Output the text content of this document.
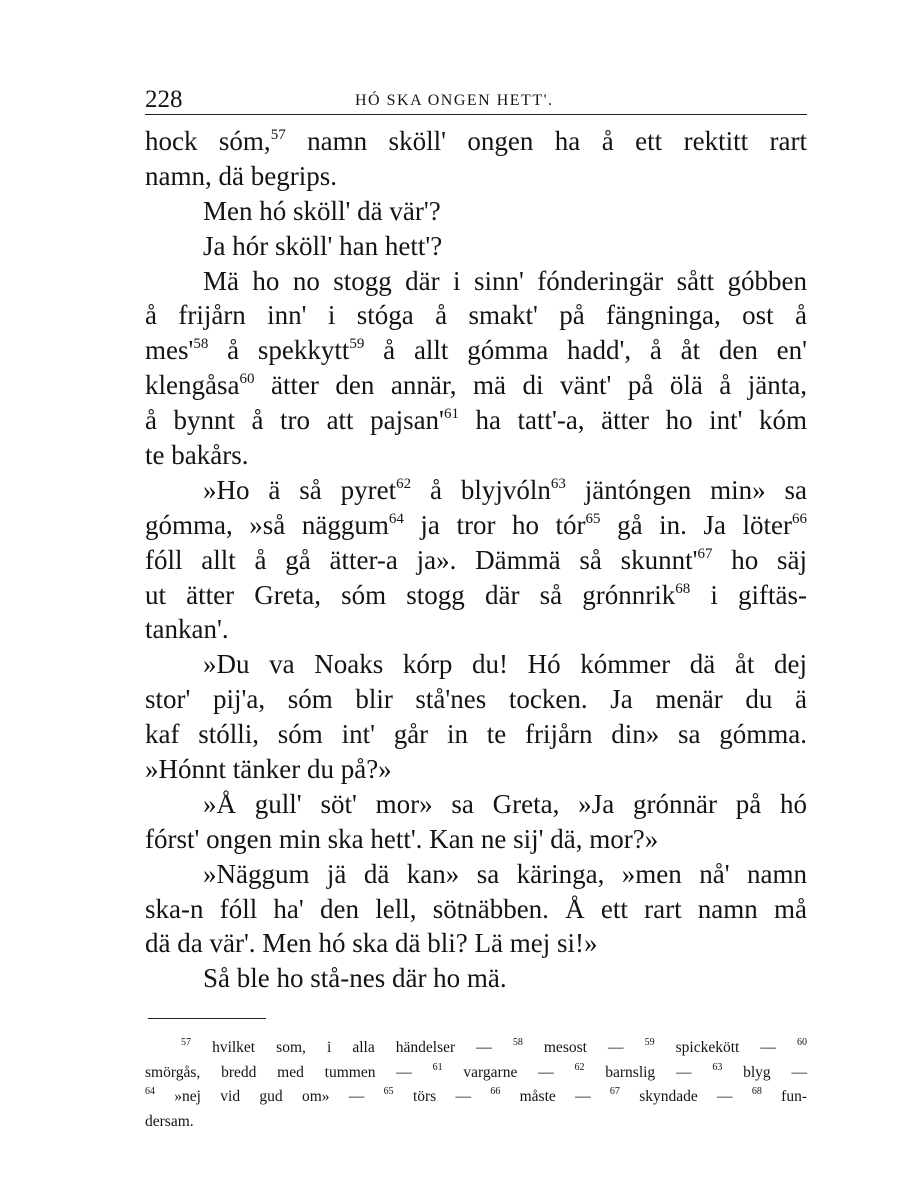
228	HÓ SKA ONGEN HETT'.
hock sóm,$^{57}$ namn sköll' ongen ha å ett rektitt rart
namn, dä begrips.
Men hó sköll' dä vär'?
Ja hór sköll' han hett'?
Mä ho no stogg där i sinn' fónderingär sått góbben
å frijårn inn' i stóga å smakt' på fängninga, ost å
$mes'^{58}$ å spekkytt$^{59}$ å allt gómma hadd', å åt den en'
klengåsa$^{60}$ ätter den annär, mä di vänt' på ölä å jänta,
å bynnt å tro att $pajsan'^{61}$ ha tatt'-a, ätter ho int' kóm
te bakårs.
»Ho ä så pyret$^{62}$ å blyjvóln$^{63}$ jäntóngen min» sa
gómma, »så näggum$^{64}$ ja tror ho tór$^{65}$ gå in. Ja löter$^{66}$
fóll allt å gå ätter-a ja». Dämmä så $skunnt'^{67}$ ho säj
ut ätter Greta, sóm stogg där så grónnrik$^{68}$ i giftäs-
tankan'.
»Du va Noaks kórp du! Hó kómmer dä åt dej
stor' pij'a, sóm blir stå'nes tocken. Ja menär du ä
kaf stólli, sóm int' går in te frijårn din» sa gómma.
»Hónnt tänker du på?»
»Å gull' söt' mor» sa Greta, »Ja grónnär på hó
fórst' ongen min ska hett'. Kan ne sij' dä, mor?»
»Näggum jä dä kan» sa käringa, »men nå' namn
ska-n fóll ha' den lell, sötnäbben. Å ett rart namn må
dä da vär'. Men hó ska dä bli? Lä mej si!»
Så ble ho stå-nes där ho mä.
$^{57}$ hvilket som, i alla händelser — $^{58}$ mesost — $^{59}$ spickekött — $^{60}$
smörgås, bredd med tummen — $^{61}$ vargarne — $^{62}$ barnslig — $^{63}$ blyg —
$^{64}$ »nej vid gud om» — $^{65}$ törs — $^{66}$ måste — $^{67}$ skyndade — $^{68}$ fun-
dersam.
